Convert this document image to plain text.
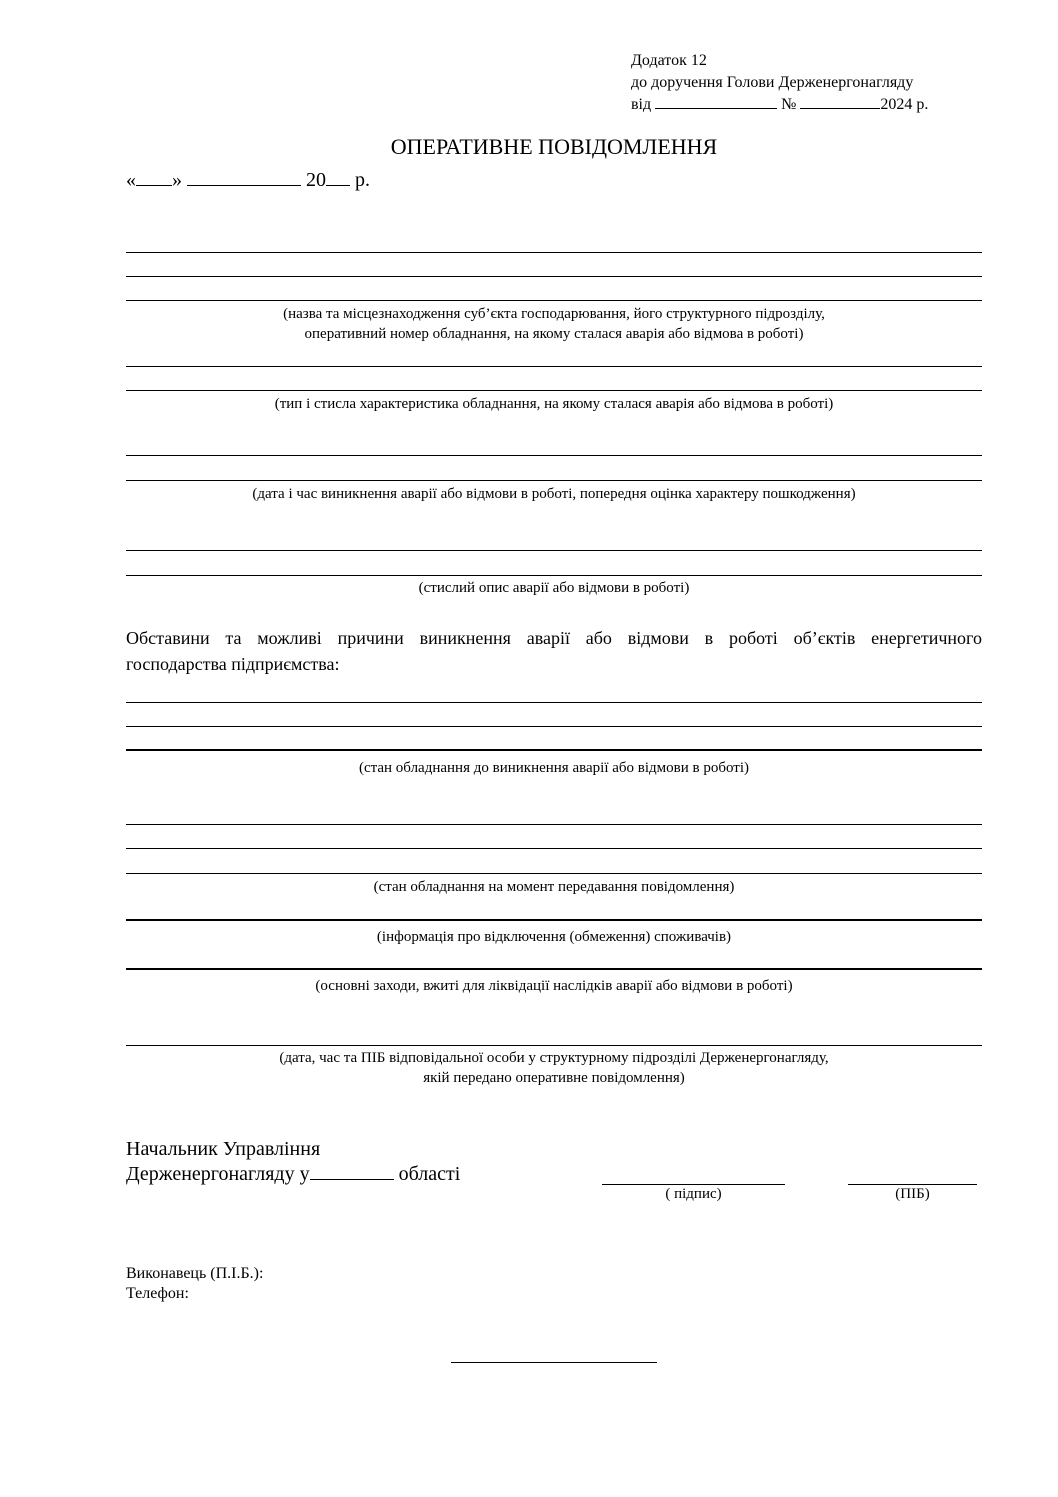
Додаток 12
до доручення Голови Держенергонагляду
від	№	2024 р.
ОПЕРАТИВНЕ ПОВІДОМЛЕННЯ
« »	20 р.
(назва та місцезнаходження суб’єкта господарювання, його структурного підрозділу,
оперативний номер обладнання, на якому сталася аварія або відмова в роботі)
(тип і стисла характеристика обладнання, на якому сталася аварія або відмова в роботі)
(дата і час виникнення аварії або відмови в роботі, попередня оцінка характеру пошкодження)
(стислий опис аварії або відмови в роботі)
Обставини та можливі причини виникнення аварії або відмови в роботі об’єктів енергетичного
господарства підприємства:
(стан обладнання до виникнення аварії або відмови в роботі)
(стан обладнання на момент передавання повідомлення)
(інформація про відключення (обмеження) споживачів)
(основні заходи, вжиті для ліквідації наслідків аварії або відмови в роботі)
(дата, час та ПІБ відповідальної особи у структурному підрозділі Держенергонагляду,
якій передано оперативне повідомлення)
Начальник Управління
Держенергонагляду у	області
( підпис)	(ПІБ)
Виконавець (П.І.Б.):
Телефон:
